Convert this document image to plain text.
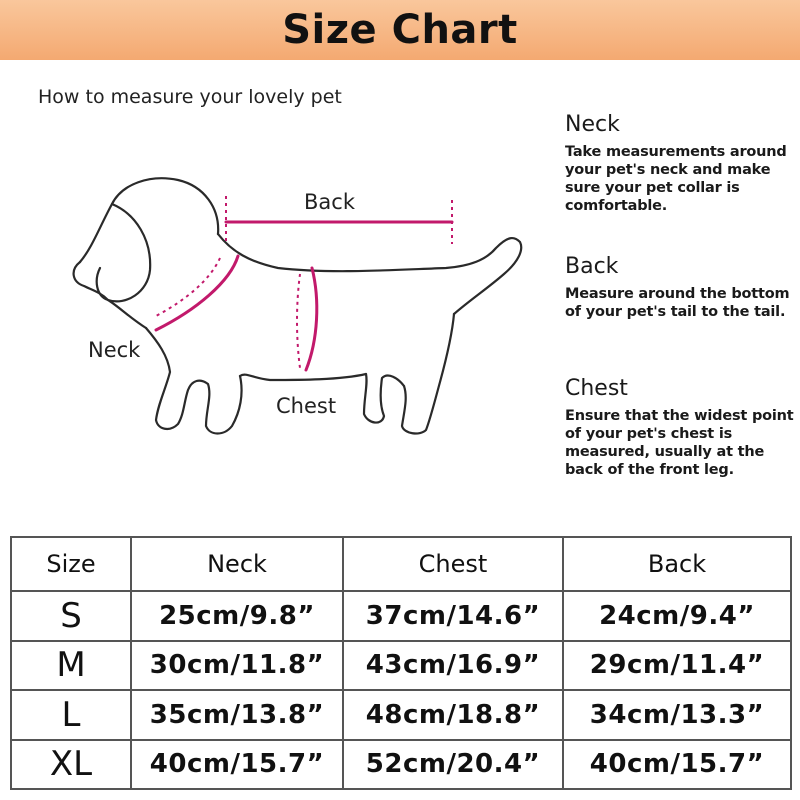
Size Chart
How to measure your lovely pet
Back
Neck
Chest
Neck

Take measurements around your pet's neck and make sure your pet collar is comfortable.

Back

Measure around the bottom of your pet's tail to the tail.

Chest

Ensure that the widest point of your pet's chest is measured, usually at the back of the front leg.

Size	Neck	Chest	Back
S	25cm/9.8”	37cm/14.6”	24cm/9.4”
M	30cm/11.8”	43cm/16.9”	29cm/11.4”
L	35cm/13.8”	48cm/18.8”	34cm/13.3”
XL	40cm/15.7”	52cm/20.4”	40cm/15.7”
